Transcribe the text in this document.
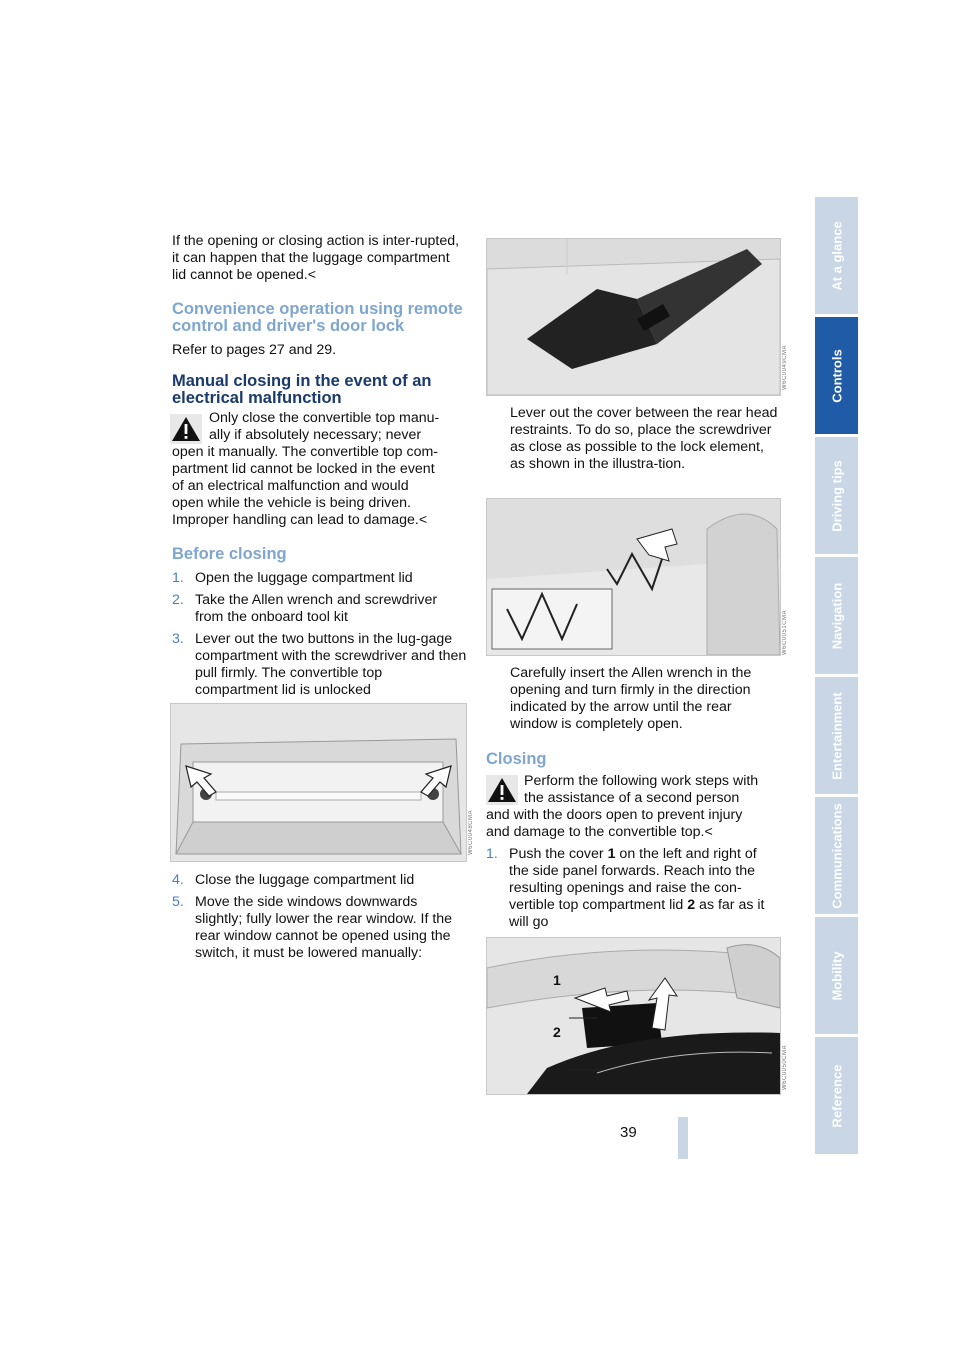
If the opening or closing action is inter-rupted, it can happen that the luggage compartment lid cannot be opened.<

Convenience operation using remote
control and driver's door lock

Refer to pages 27 and 29.

Manual closing in the event of an
electrical malfunction

Only close the convertible top manu-

ally if absolutely necessary; never

open it manually. The convertible top com-

partment lid cannot be locked in the event

of an electrical malfunction and would

open while the vehicle is being driven.

Improper handling can lead to damage.<

Before closing
1. Open the luggage compartment lid
2. Take the Allen wrench and screwdriver from the onboard tool kit
3. Lever out the two buttons in the lug-gage compartment with the screwdriver and then pull firmly. The convertible top compartment lid is unlocked
W6C0048CMA
4. Close the luggage compartment lid
5. Move the side windows downwards slightly; fully lower the rear window. If the rear window cannot be opened using the switch, it must be lowered manually:
W6C0049CMA

Lever out the cover between the rear head restraints. To do so, place the screwdriver as close as possible to the lock element, as shown in the illustra-tion.

W6C0051CMA

Carefully insert the Allen wrench in the opening and turn firmly in the direction indicated by the arrow until the rear window is completely open.

Closing

Perform the following work steps with

the assistance of a second person

and with the doors open to prevent injury

and damage to the convertible top.<

1. Push the cover 1 on the left and right of the side panel forwards. Reach into the resulting openings and raise the con-vertible top compartment lid 2 as far as it will go
1
2
W6C0050CMA
At a glance
Controls
Driving tips
Navigation
Entertainment
Communications
Mobility
Reference
39
